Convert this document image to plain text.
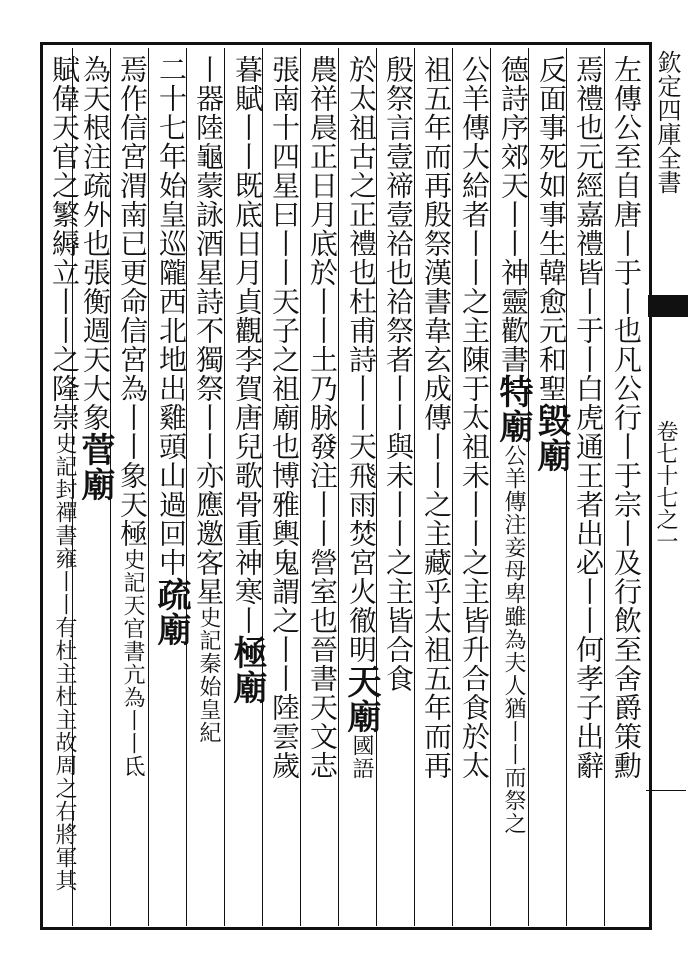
欽定四庫全書
卷七十七之一
左傳公至自唐丨于丨也凡公行丨于宗丨及行飲至舍爵策勳
焉禮也元經嘉禮皆丨于丨白虎通王者出必丨丨何孝子出辭
反面事死如事生韓愈元和聖毀廟
德詩序郊天丨丨神靈歡書特廟公羊傳注妾母卑雖為夫人猶丨丨而祭之
公羊傳大給者丨丨之主陳于太祖未丨丨之主皆升合食於太
祖五年而再殷祭漢書韋玄成傳丨丨之主藏乎太祖五年而再
殷祭言壹禘壹祫也祫祭者丨丨與未丨丨之主皆合食
於太祖古之正禮也杜甫詩丨丨天飛雨焚宮火徹明天廟國語
農祥晨正日月底於丨丨土乃脉發注丨丨營室也晉書天文志
張南十四星曰丨丨天子之祖廟也博雅輿鬼謂之丨丨陸雲歲
暮賦丨丨既底日月貞觀李賀唐兒歌骨重神寒丨極廟
丨器陸龜蒙詠酒星詩不獨祭丨丨亦應邀客星史記秦始皇紀
二十七年始皇巡隴西北地出雞頭山過回中疏廟
焉作信宮渭南已更命信宮為丨丨象天極史記天官書亢為丨丨氐
為天根注疏外也張衡週天大象菅廟
賦偉天官之繁縟立丨丨之隆崇史記封禪書雍丨丨有杜主杜主故周之右將軍其
